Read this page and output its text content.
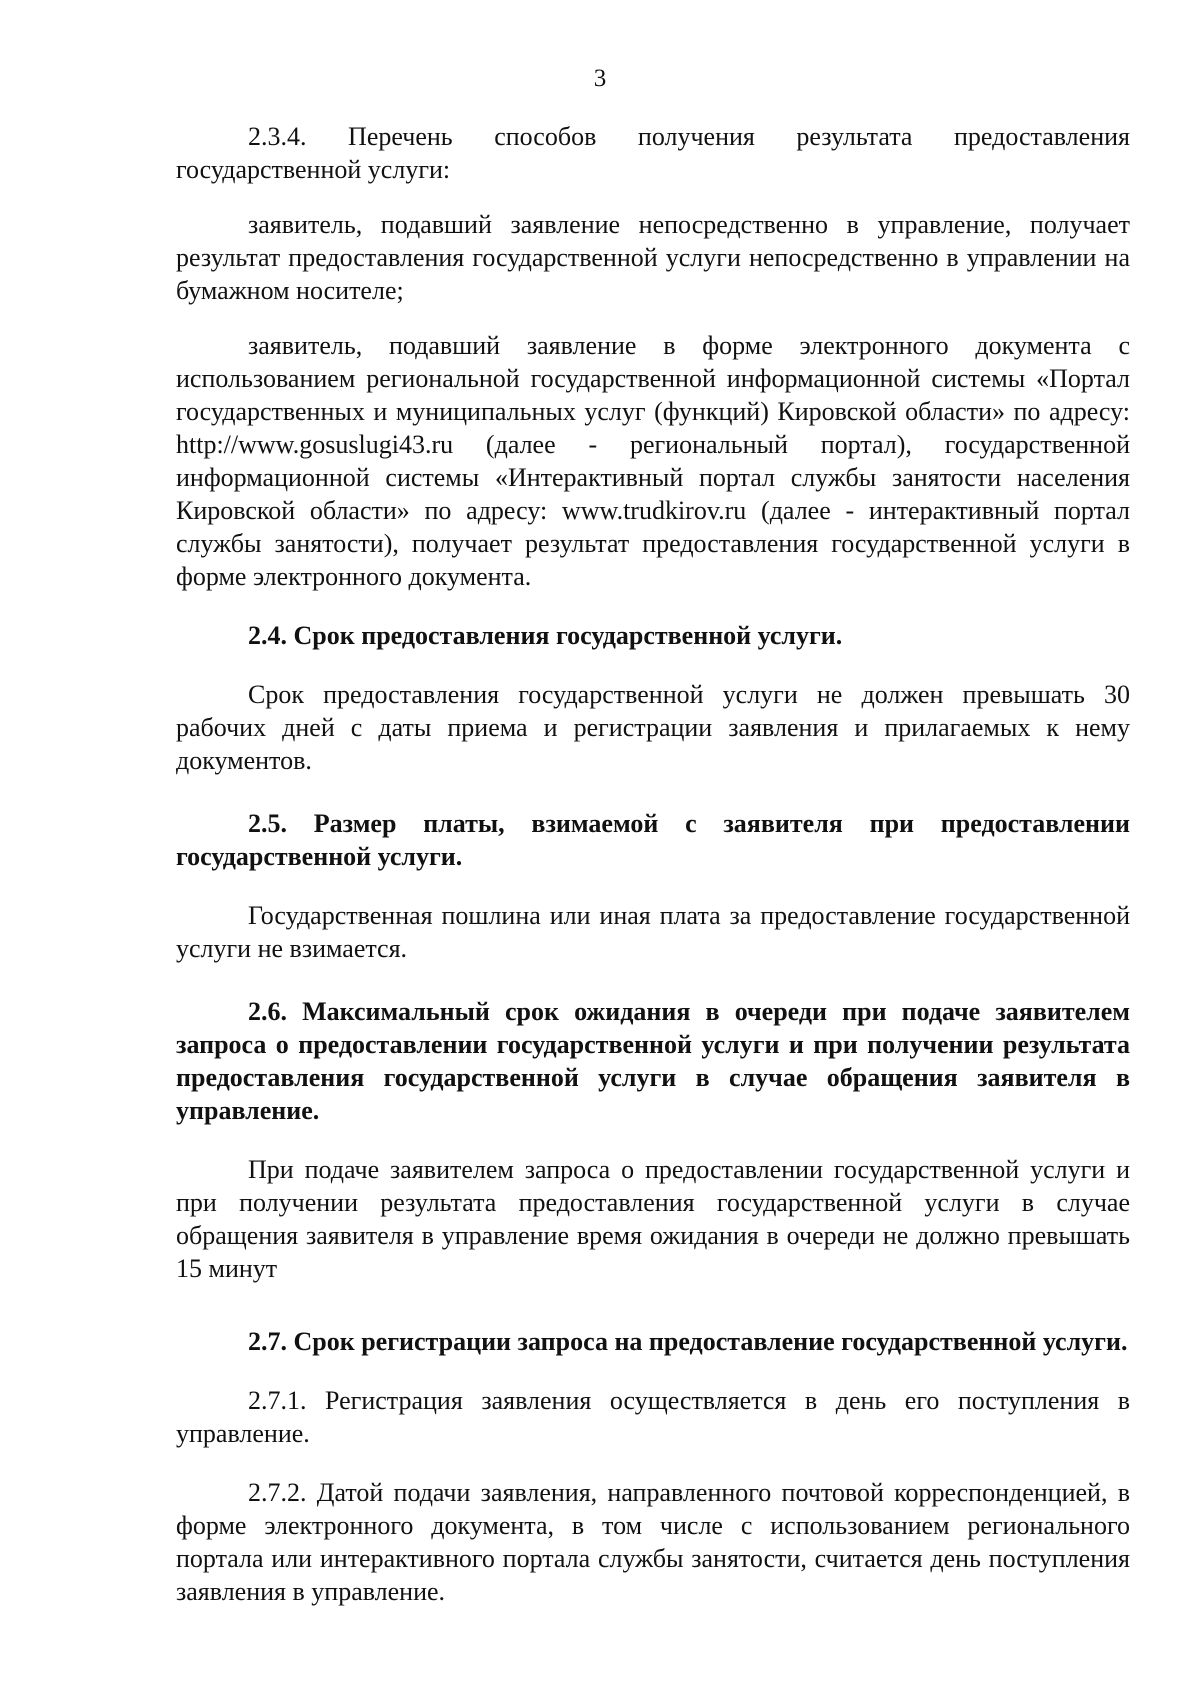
3

2.3.4. Перечень способов получения результата предоставления государственной услуги:

заявитель, подавший заявление непосредственно в управление, получает результат предоставления государственной услуги непосредственно в управлении на бумажном носителе;

заявитель, подавший заявление в форме электронного документа с использованием региональной государственной информационной системы «Портал государственных и муниципальных услуг (функций) Кировской области» по адресу: http://www.gosuslugi43.ru (далее - региональный портал), государственной информационной системы «Интерактивный портал службы занятости населения Кировской области» по адресу: www.trudkirov.ru (далее - интерактивный портал службы занятости), получает результат предоставления государственной услуги в форме электронного документа.

2.4. Срок предоставления государственной услуги.

Срок предоставления государственной услуги не должен превышать 30 рабочих дней с даты приема и регистрации заявления и прилагаемых к нему документов.

2.5. Размер платы, взимаемой с заявителя при предоставлении государственной услуги.

Государственная пошлина или иная плата за предоставление государственной услуги не взимается.

2.6. Максимальный срок ожидания в очереди при подаче заявителем запроса о предоставлении государственной услуги и при получении результата предоставления государственной услуги в случае обращения заявителя в управление.

При подаче заявителем запроса о предоставлении государственной услуги и при получении результата предоставления государственной услуги в случае обращения заявителя в управление время ожидания в очереди не должно превышать 15 минут

2.7. Срок регистрации запроса на предоставление государственной услуги.

2.7.1. Регистрация заявления осуществляется в день его поступления в управление.

2.7.2. Датой подачи заявления, направленного почтовой корреспонденцией, в форме электронного документа, в том числе с использованием регионального портала или интерактивного портала службы занятости, считается день поступления заявления в управление.
